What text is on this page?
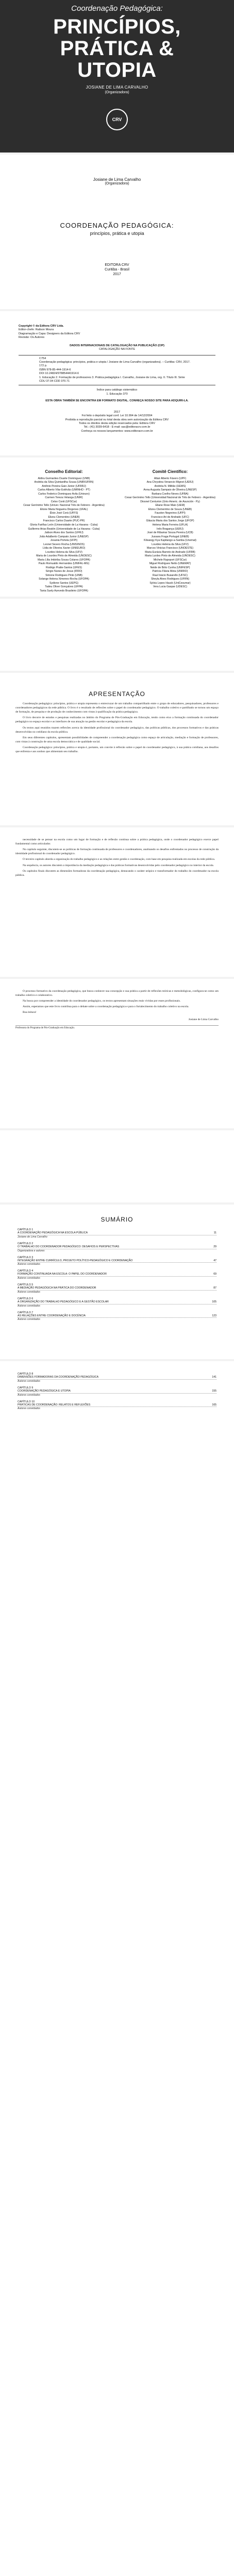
Coordenação Pedagógica:
PRINCÍPIOS,
PRÁTICA &
UTOPIA
JOSIANE DE LIMA CARVALHO
(Organizadora)
CRV
Josiane de Lima Carvalho
(Organizadora)
COORDENAÇÃO PEDAGÓGICA:
princípios, prática e utopia
EDITORA CRV
Curitiba - Brasil
2017
Copyright © da Editora CRV Ltda.
Editor-chefe: Railson Moura
Diagramação e Capa: Designers da Editora CRV
Revisão: Os Autores
DADOS INTERNACIONAIS DE CATALOGAÇÃO NA PUBLICAÇÃO (CIP)
CATALOGAÇÃO NA FONTE
C754
Coordenação pedagógica: princípios, prática e utopia / Josiane de Lima Carvalho (organizadora). – Curitiba: CRV, 2017.
172 p.
ISBN 978-85-444-1914-6
DOI 10.24824/978854441914.6
1. Educação 2. Formação de professores 3. Prática pedagógica I. Carvalho, Josiane de Lima, org. II. Título III. Série
CDU 37.04 CDD 370.71
Índice para catálogo sistemático
1. Educação 370
ESTA OBRA TAMBÉM SE ENCONTRA EM FORMATO DIGITAL. CONHEÇA NOSSO SITE PARA ADQUIRI-LA.
2017
Foi feito o depósito legal conf. Lei 10.994 de 14/12/2004
Proibida a reprodução parcial ou total desta obra sem autorização da Editora CRV
Todos os direitos desta edição reservados pela: Editora CRV
Tel.: (41) 3039-6418 - E-mail: sac@editoracrv.com.br
Conheça os nossos lançamentos: www.editoracrv.com.br
Conselho Editorial:
Aldira Guimarães Duarte Domínguez (UNB)
Andréia da Silva Quintanilha Sousa (UNIR/UFRN)
Antônio Pereira Gaio Júnior (UFRRJ)
Carlos Alberto Vilar Estêvão (UMINHO - PT)
Carlos Federico Dominguez Avila (Unieuro)
Carmen Tereza Velanga (UNIR)
Celso Conti (UFSCar)
Cesar Gerónimo Tello (Univer. Nacional Três de Febrero - Argentina)
Elione Maria Nogueira Diogenes (UFAL)
Élsio José Corá (UFFS)
Elizeu Clementino (UNEB)
Francisco Carlos Duarte (PUC-PR)
Gloria Fariñas León (Universidade de La Havana - Cuba)
Guillermo Arias Beatón (Universidade de La Havana - Cuba)
Jailson Alves dos Santos (UFRJ)
João Adalberto Campato Junior (UNESP)
Josania Portela (UFPI)
Leonel Severo Rocha (UNISINOS)
Lídia de Oliveira Xavier (UNIEURO)
Lourdes Helena da Silva (UFV)
Maria de Lourdes Pinto de Almeida (UNOESC)
Maria Lília Imbiriba Sousa Colares (UFOPA)
Paulo Romualdo Hernandes (UNIFAL-MG)
Rodrigo Pratte-Santos (UFES)
Sérgio Nunes de Jesus (IFRO)
Simone Rodrigues Pinto (UNB)
Solange Helena Ximenes-Rocha (UFOPA)
Sydione Santos (UEPG)
Tadeu Oliver Gonçalves (UFPA)
Tania Suely Azevedo Brasileiro (UFOPA)
Comitê Científico:
Altair Alberto Fávero (UPF)
Ana Chrystina Venancio Mignot (UERJ)
Andréia N. Militão (UEMS)
Anna Augusta Sampaio de Oliveira (UNESP)
Barbara Coelho Neves (UFBA)
Cesar Gerónimo Tello (Universidad Nacional de Três de Febrero - Argentina)
Diosnel Centurion (Univ Americ. de Asunción - Py)
Eliane Rose Maio (UEM)
Elizeu Clementino de Souza (UNEB)
Fauston Negreiros (UFPI)
Francisco Ari de Andrade (UFC)
Gláucia Maria dos Santos Jorge (UFOP)
Helena Maria Ferreira (UFLA)
Inês Bragança (UERJ)
José de Ribamar Sousa Pereira (UCB)
Jussara Fraga Portugal (UNEB)
Kilwangy Kya Kapitango-a-Samba (Unemat)
Lourdes Helena da Silva (UFV)
Marcos Vinicius Francisco (UNOESTE)
Maria Eurácia Barreto de Andrade (UFRB)
Maria Lurdes Pinto de Almeida (UNOESC)
Michele Rapoport (UFSCar)
Miguel Rodrigues Netto (UNEMAT)
Neide de Brito Cunha (UNIFESP)
Patrícia Flávia Mota (UNIRIO)
Raul Inácio Busarello (UFSC)
Sheyla Alves Rodrigues (UFRN)
Sylvia Lopes Hauck (UniCesumar)
Vera Lucia Gaspar (UDESC)
APRESENTAÇÃO

Coordenação pedagógica: princípios, prática e utopia representa o entrecruzar de um trabalho compartilhado entre o grupo de educadores, pesquisadores, professores e coordenadores pedagógicos da rede pública. O livro é o resultado de reflexões sobre o papel do coordenador pedagógico. O trabalho coletivo e partilhado se tornou um espaço de formação, de pesquisa e de produção de conhecimento com vistas à qualificação da prática pedagógica.

O livro decorre de estudos e pesquisas realizadas no âmbito do Programa de Pós-Graduação em Educação, tendo como eixo a formação continuada do coordenador pedagógico no espaço escolar e as interfaces de sua atuação na gestão escolar e pedagógica da escola.

Os textos aqui reunidos trazem reflexões acerca da identidade profissional do coordenador pedagógico, das políticas públicas, dos processos formativos e das práticas desenvolvidas no cotidiano da escola pública.

Em seus diferentes capítulos, apresentam possibilidades de compreender a coordenação pedagógica como espaço de articulação, mediação e formação de professores, com vistas à construção de uma escola democrática e de qualidade social.

Coordenação pedagógica: princípios, prática e utopia é, portanto, um convite à reflexão sobre o papel do coordenador pedagógico, à sua prática cotidiana, aos desafios que enfrenta e aos sonhos que alimentam seu trabalho.

necessidade de se pensar na escola como um lugar de formação e de reflexão contínua sobre a prática pedagógica, onde o coordenador pedagógico exerce papel fundamental como articulador.

No capítulo seguinte, discutem-se as políticas de formação continuada de professores e coordenadores, analisando os desafios enfrentados no processo de construção da identidade profissional do coordenador pedagógico.

O terceiro capítulo aborda a organização do trabalho pedagógico e as relações entre gestão e coordenação, com base em pesquisa realizada em escolas da rede pública.

Na sequência, os autores discutem a importância da mediação pedagógica e das práticas formativas desenvolvidas pelo coordenador pedagógico no interior da escola.

Os capítulos finais discutem as dimensões formadoras da coordenação pedagógica, destacando o caráter utópico e transformador do trabalho do coordenador na escola pública.

O processo formativo da coordenação pedagógica, que busca conhecer sua concepção e sua prática a partir de reflexões teóricas e metodológicas, configura-se como um trabalho coletivo e colaborativo.

Na busca por compreender a identidade do coordenador pedagógico, os textos apresentam situações reais vividas por esses profissionais.

Assim, esperamos que este livro contribua para o debate sobre a coordenação pedagógica e para o fortalecimento do trabalho coletivo na escola.

Boa leitura!

Josiane de Lima Carvalho
Professora do Programa de Pós-Graduação em Educação.
SUMÁRIO
CAPÍTULO 1
A COORDENAÇÃO PEDAGÓGICA NA ESCOLA PÚBLICA	11
Josiane de Lima Carvalho
CAPÍTULO 2
O TRABALHO DO COORDENADOR PEDAGÓGICO: DESAFIOS E PERSPECTIVAS	29
Organizadora e autores
CAPÍTULO 3
INTEGRAÇÃO ENTRE CURRÍCULO, PROJETO POLÍTICO-PEDAGÓGICO E COORDENAÇÃO	47
Autores convidados
CAPÍTULO 4
FORMAÇÃO CONTINUADA NA ESCOLA: O PAPEL DO COORDENADOR	69
Autores convidados
CAPÍTULO 5
A MEDIAÇÃO PEDAGÓGICA NA PRÁTICA DO COORDENADOR	87
Autores convidados
CAPÍTULO 6
A ORGANIZAÇÃO DO TRABALHO PEDAGÓGICO E A GESTÃO ESCOLAR	105
Autores convidados
CAPÍTULO 7
AS RELAÇÕES ENTRE COORDENAÇÃO E DOCÊNCIA	123
Autores convidados
CAPÍTULO 8
DIMENSÕES FORMADORAS DA COORDENAÇÃO PEDAGÓGICA	141
Autores convidados
CAPÍTULO 9
COORDENAÇÃO PEDAGÓGICA E UTOPIA	155
Autores convidados
CAPÍTULO 10
PRÁTICAS DE COORDENAÇÃO: RELATOS E REFLEXÕES	165
Autores convidados
